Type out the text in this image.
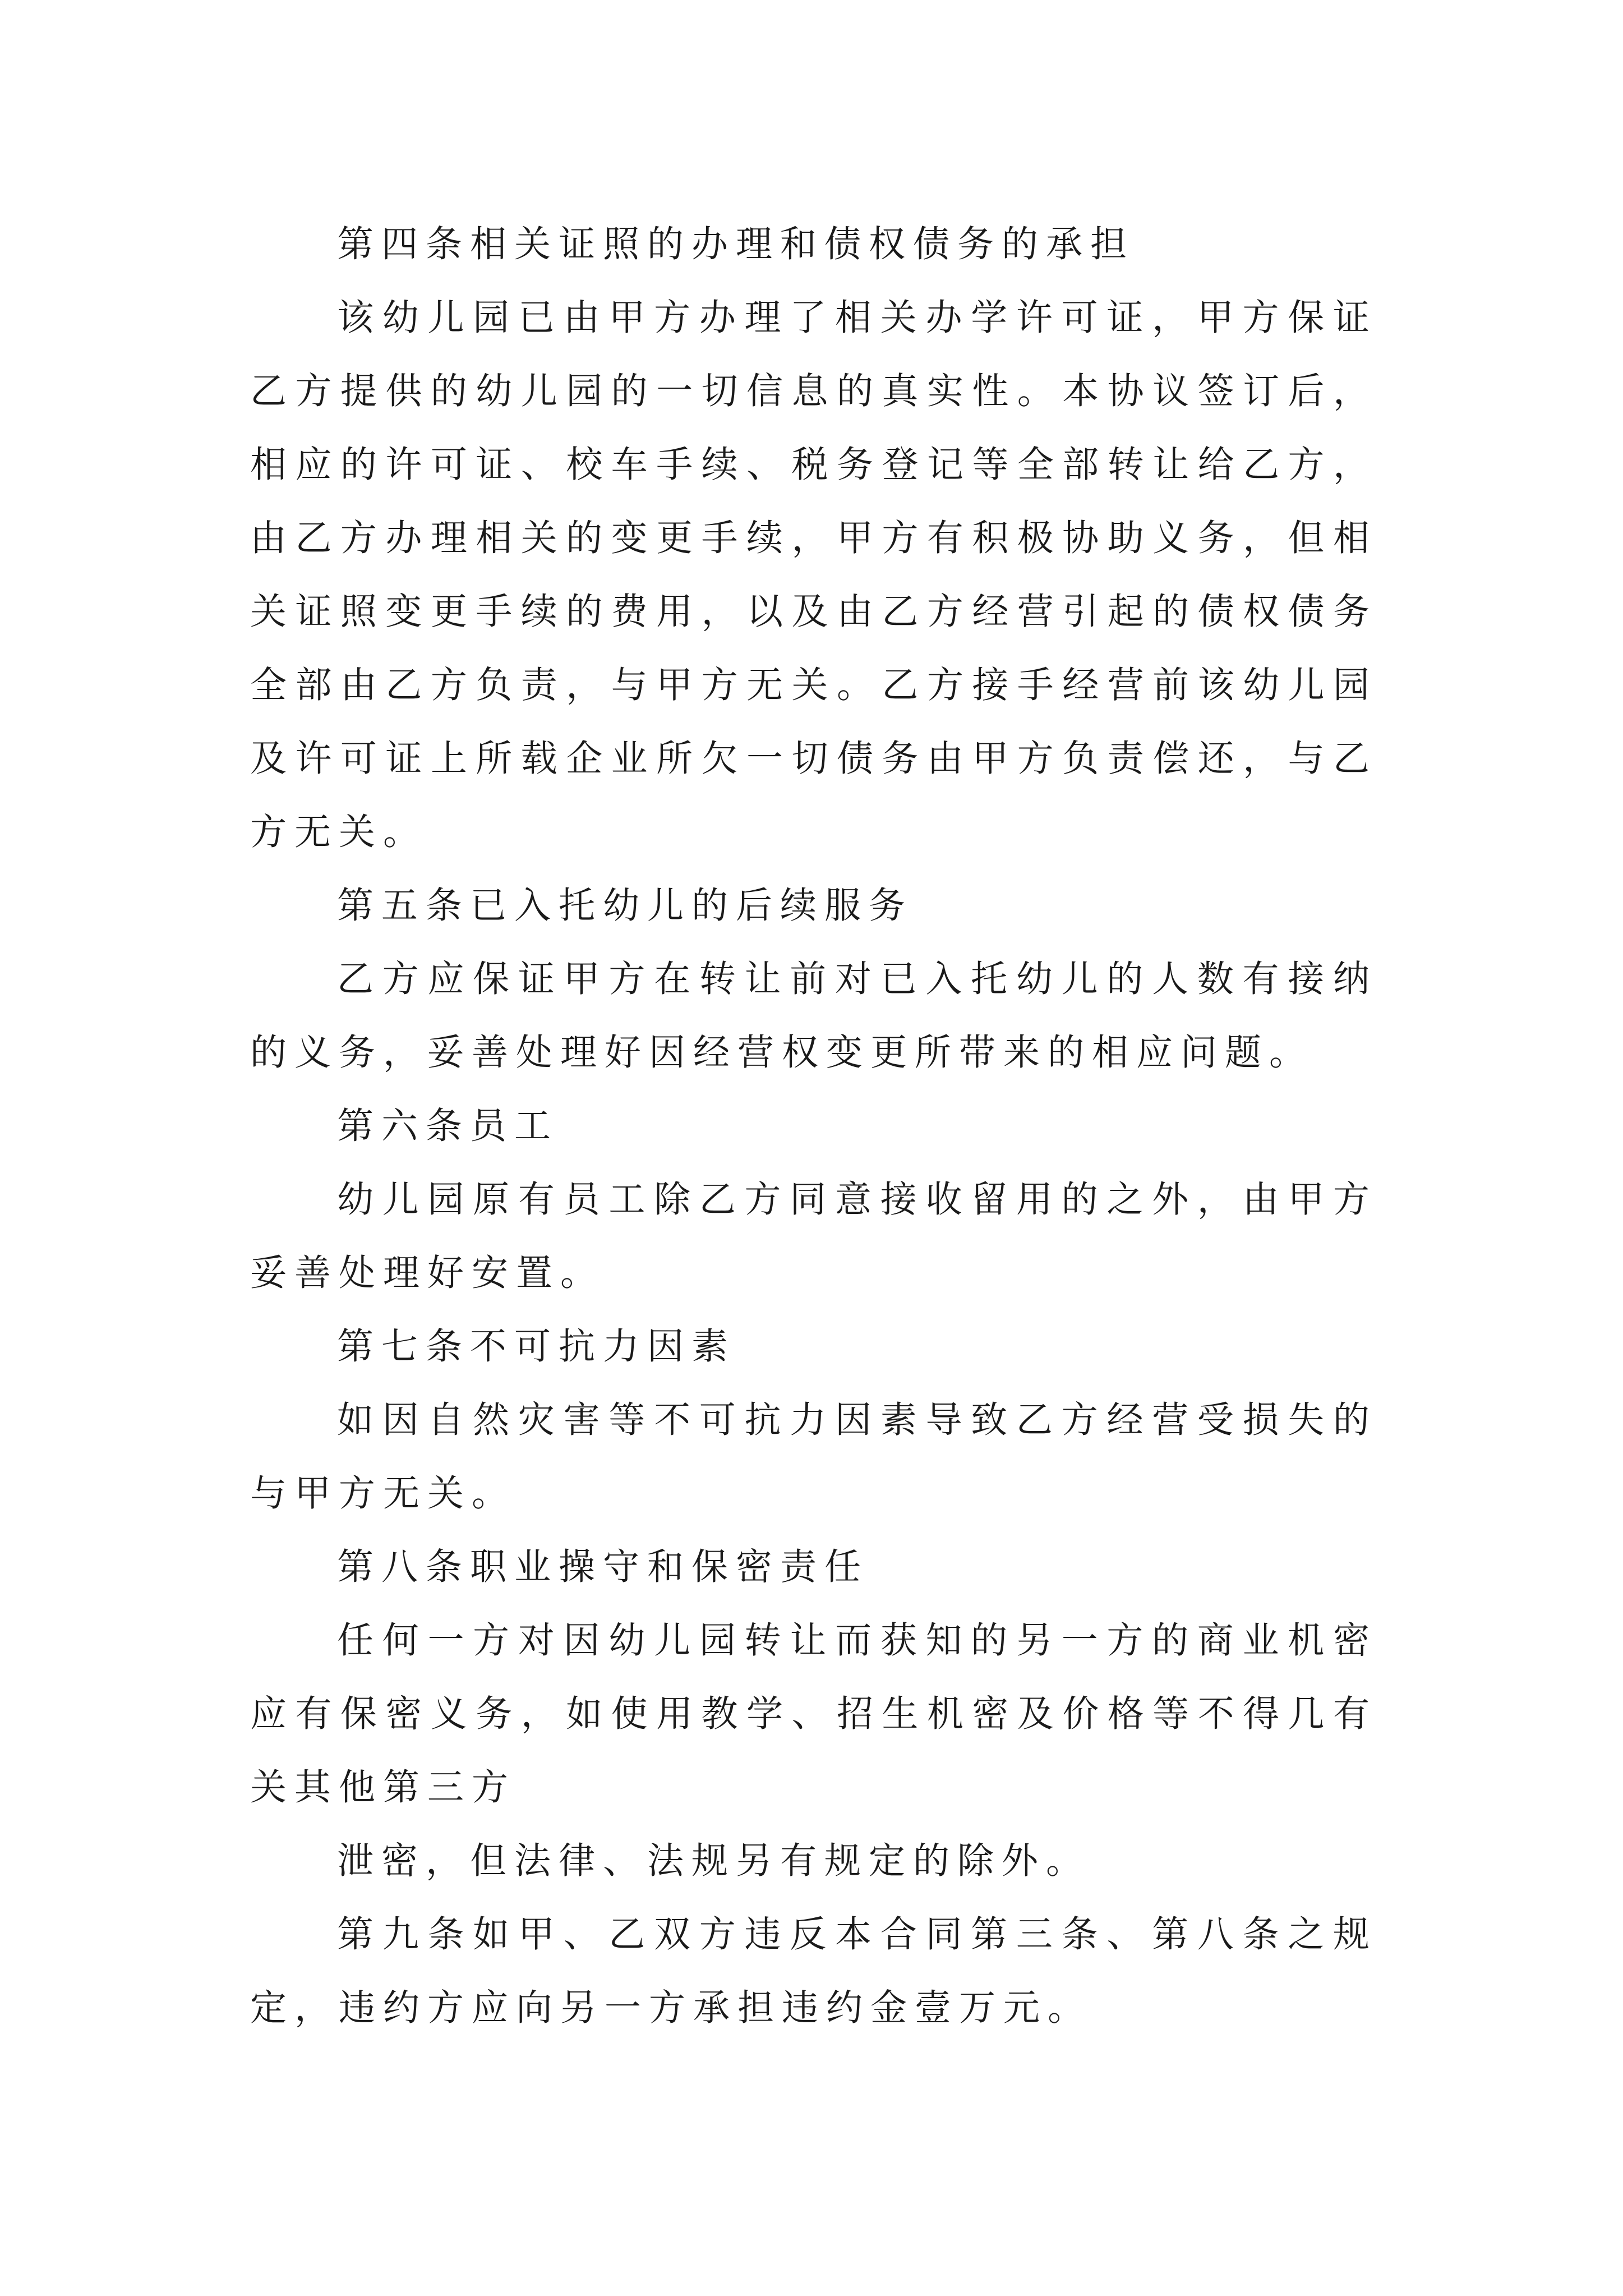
第四条相关证照的办理和债权债务的承担

该幼儿园已由甲方办理了相关办学许可证，甲方保证乙方提供的幼儿园的一切信息的真实性。本协议签订后，相应的许可证、校车手续、税务登记等全部转让给乙方，由乙方办理相关的变更手续，甲方有积极协助义务，但相关证照变更手续的费用，以及由乙方经营引起的债权债务全部由乙方负责，与甲方无关。乙方接手经营前该幼儿园及许可证上所载企业所欠一切债务由甲方负责偿还，与乙方无关。

第五条已入托幼儿的后续服务

乙方应保证甲方在转让前对已入托幼儿的人数有接纳的义务，妥善处理好因经营权变更所带来的相应问题。

第六条员工

幼儿园原有员工除乙方同意接收留用的之外，由甲方妥善处理好安置。

第七条不可抗力因素

如因自然灾害等不可抗力因素导致乙方经营受损失的与甲方无关。

第八条职业操守和保密责任

任何一方对因幼儿园转让而获知的另一方的商业机密应有保密义务，如使用教学、招生机密及价格等不得几有关其他第三方

泄密，但法律、法规另有规定的除外。

第九条如甲、乙双方违反本合同第三条、第八条之规定，违约方应向另一方承担违约金壹万元。
